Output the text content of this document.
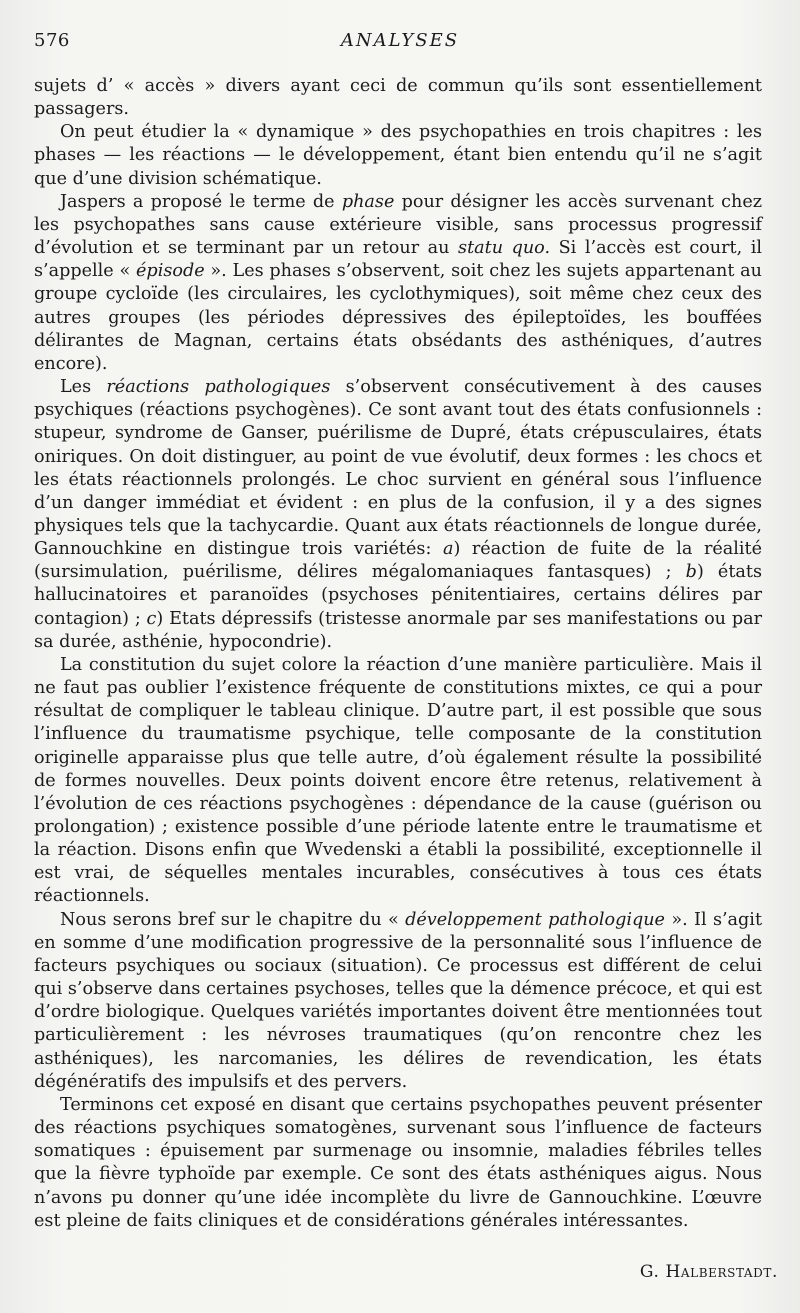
576	ANALYSES

sujets d’ « accès » divers ayant ceci de commun qu’ils sont essentiellement passagers.

On peut étudier la « dynamique » des psychopathies en trois chapitres : les phases — les réactions — le développement, étant bien entendu qu’il ne s’agit que d’une division schématique.

Jaspers a proposé le terme de phase pour désigner les accès survenant chez les psychopathes sans cause extérieure visible, sans processus progressif d’évolution et se terminant par un retour au statu quo. Si l’accès est court, il s’appelle « épisode ». Les phases s’observent, soit chez les sujets appartenant au groupe cycloïde (les circulaires, les cyclothymiques), soit même chez ceux des autres groupes (les périodes dépressives des épileptoïdes, les bouffées délirantes de Magnan, certains états obsédants des asthéniques, d’autres encore).

Les réactions pathologiques s’observent consécutivement à des causes psychiques (réactions psychogènes). Ce sont avant tout des états confusionnels : stupeur, syndrome de Ganser, puérilisme de Dupré, états crépusculaires, états oniriques. On doit distinguer, au point de vue évolutif, deux formes : les chocs et les états réactionnels prolongés. Le choc survient en général sous l’influence d’un danger immédiat et évident : en plus de la confusion, il y a des signes physiques tels que la tachycardie. Quant aux états réactionnels de longue durée, Gannouchkine en distingue trois variétés: a) réaction de fuite de la réalité (sursimulation, puérilisme, délires mégalomaniaques fantasques) ; b) états hallucinatoires et paranoïdes (psychoses pénitentiaires, certains délires par contagion) ; c) Etats dépressifs (tristesse anormale par ses manifestations ou par sa durée, asthénie, hypocondrie).

La constitution du sujet colore la réaction d’une manière particulière. Mais il ne faut pas oublier l’existence fréquente de constitutions mixtes, ce qui a pour résultat de compliquer le tableau clinique. D’autre part, il est possible que sous l’influence du traumatisme psychique, telle composante de la constitution originelle apparaisse plus que telle autre, d’où également résulte la possibilité de formes nouvelles. Deux points doivent encore être retenus, relativement à l’évolution de ces réactions psychogènes : dépendance de la cause (guérison ou prolongation) ; existence possible d’une période latente entre le traumatisme et la réaction. Disons enfin que Wvedenski a établi la possibilité, exceptionnelle il est vrai, de séquelles mentales incurables, consécutives à tous ces états réactionnels.

Nous serons bref sur le chapitre du « développement pathologique ». Il s’agit en somme d’une modification progressive de la personnalité sous l’influence de facteurs psychiques ou sociaux (situation). Ce processus est différent de celui qui s’observe dans certaines psychoses, telles que la démence précoce, et qui est d’ordre biologique. Quelques variétés importantes doivent être mentionnées tout particulièrement : les névroses traumatiques (qu’on rencontre chez les asthéniques), les narcomanies, les délires de revendication, les états dégénératifs des impulsifs et des pervers.

Terminons cet exposé en disant que certains psychopathes peuvent présenter des réactions psychiques somatogènes, survenant sous l’influence de facteurs somatiques : épuisement par surmenage ou insomnie, maladies fébriles telles que la fièvre typhoïde par exemple. Ce sont des états asthéniques aigus. Nous n’avons pu donner qu’une idée incomplète du livre de Gannouchkine. L’œuvre est pleine de faits cliniques et de considérations générales intéressantes.

G. Halberstadt.
